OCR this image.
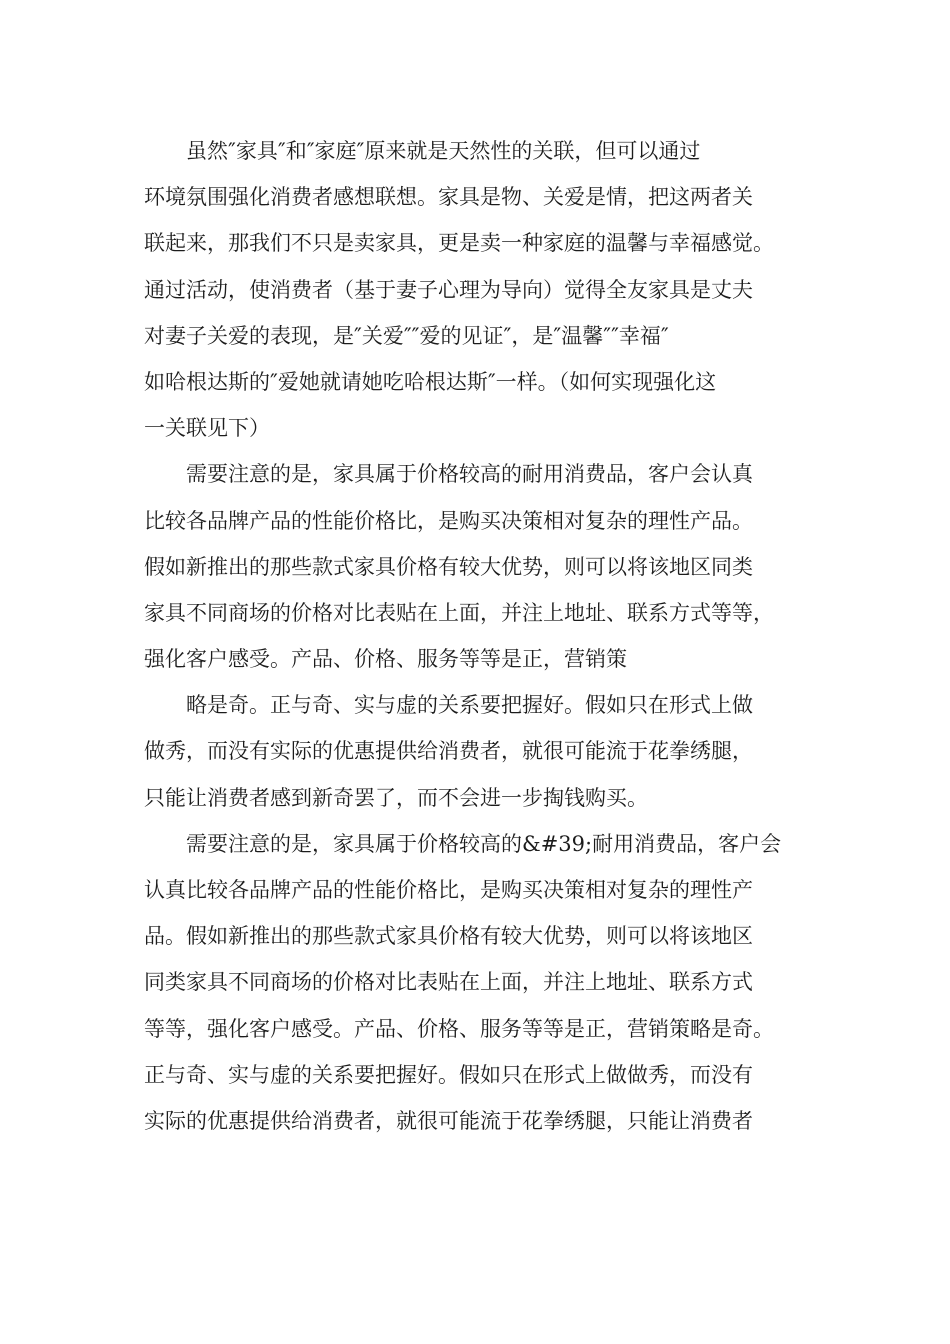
虽然″家具″和″家庭″原来就是天然性的关联，但可以通过
环境氛围强化消费者感想联想。家具是物、关爱是情，把这两者关
联起来，那我们不只是卖家具，更是卖一种家庭的温馨与幸福感觉。
通过活动，使消费者（基于妻子心理为导向）觉得全友家具是丈夫
对妻子关爱的表现，是″关爱″″爱的见证″，是″温馨″″幸福″
如哈根达斯的″爱她就请她吃哈根达斯″一样。（如何实现强化这
一关联见下）
需要注意的是，家具属于价格较高的耐用消费品，客户会认真
比较各品牌产品的性能价格比，是购买决策相对复杂的理性产品。
假如新推出的那些款式家具价格有较大优势，则可以将该地区同类
家具不同商场的价格对比表贴在上面，并注上地址、联系方式等等，
强化客户感受。产品、价格、服务等等是正，营销策
略是奇。正与奇、实与虚的关系要把握好。假如只在形式上做
做秀，而没有实际的优惠提供给消费者，就很可能流于花拳绣腿，
只能让消费者感到新奇罢了，而不会进一步掏钱购买。
需要注意的是，家具属于价格较高的&#39;耐用消费品，客户会
认真比较各品牌产品的性能价格比，是购买决策相对复杂的理性产
品。假如新推出的那些款式家具价格有较大优势，则可以将该地区
同类家具不同商场的价格对比表贴在上面，并注上地址、联系方式
等等，强化客户感受。产品、价格、服务等等是正，营销策略是奇。
正与奇、实与虚的关系要把握好。假如只在形式上做做秀，而没有
实际的优惠提供给消费者，就很可能流于花拳绣腿，只能让消费者
